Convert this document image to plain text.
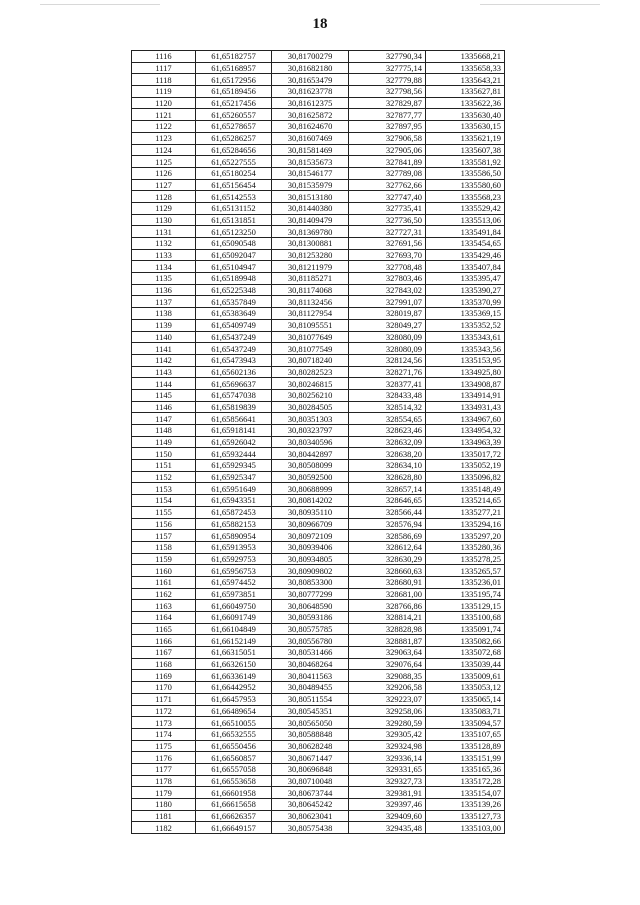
18
1116	61,65182757	30,81700279	327790,34	1335668,21
1117	61,65168957	30,81682180	327775,14	1335658,33
1118	61,65172956	30,81653479	327779,88	1335643,21
1119	61,65189456	30,81623778	327798,56	1335627,81
1120	61,65217456	30,81612375	327829,87	1335622,36
1121	61,65260557	30,81625872	327877,77	1335630,40
1122	61,65278657	30,81624670	327897,95	1335630,15
1123	61,65286257	30,81607469	327906,58	1335621,19
1124	61,65284656	30,81581469	327905,06	1335607,38
1125	61,65227555	30,81535673	327841,89	1335581,92
1126	61,65180254	30,81546177	327789,08	1335586,50
1127	61,65156454	30,81535979	327762,66	1335580,60
1128	61,65142553	30,81513180	327747,40	1335568,23
1129	61,65131152	30,81440380	327735,41	1335529,42
1130	61,65131851	30,81409479	327736,50	1335513,06
1131	61,65123250	30,81369780	327727,31	1335491,84
1132	61,65090548	30,81300881	327691,56	1335454,65
1133	61,65092047	30,81253280	327693,70	1335429,46
1134	61,65104947	30,81211979	327708,48	1335407,84
1135	61,65189948	30,81185271	327803,46	1335395,47
1136	61,65225348	30,81174068	327843,02	1335390,27
1137	61,65357849	30,81132456	327991,07	1335370,99
1138	61,65383649	30,81127954	328019,87	1335369,15
1139	61,65409749	30,81095551	328049,27	1335352,52
1140	61,65437249	30,81077649	328080,09	1335343,61
1141	61,65437249	30,81077549	328080,09	1335343,56
1142	61,65473943	30,80718240	328124,56	1335153,95
1143	61,65602136	30,80282523	328271,76	1334925,80
1144	61,65696637	30,80246815	328377,41	1334908,87
1145	61,65747038	30,80256210	328433,48	1334914,91
1146	61,65819839	30,80284505	328514,32	1334931,43
1147	61,65856641	30,80351303	328554,65	1334967,60
1148	61,65918141	30,80323797	328623,46	1334954,32
1149	61,65926042	30,80340596	328632,09	1334963,39
1150	61,65932444	30,80442897	328638,20	1335017,72
1151	61,65929345	30,80508099	328634,10	1335052,19
1152	61,65925347	30,80592500	328628,80	1335096,82
1153	61,65951649	30,80688999	328657,14	1335148,49
1154	61,65943351	30,80814202	328646,65	1335214,65
1155	61,65872453	30,80935110	328566,44	1335277,21
1156	61,65882153	30,80966709	328576,94	1335294,16
1157	61,65890954	30,80972109	328586,69	1335297,20
1158	61,65913953	30,80939406	328612,64	1335280,36
1159	61,65929753	30,80934805	328630,29	1335278,25
1160	61,65956753	30,80909802	328660,63	1335265,57
1161	61,65974452	30,80853300	328680,91	1335236,01
1162	61,65973851	30,80777299	328681,00	1335195,74
1163	61,66049750	30,80648590	328766,86	1335129,15
1164	61,66091749	30,80593186	328814,21	1335100,68
1165	61,66104849	30,80575785	328828,98	1335091,74
1166	61,66152149	30,80556780	328881,87	1335082,66
1167	61,66315051	30,80531466	329063,64	1335072,68
1168	61,66326150	30,80468264	329076,64	1335039,44
1169	61,66336149	30,80411563	329088,35	1335009,61
1170	61,66442952	30,80489455	329206,58	1335053,12
1171	61,66457953	30,80511554	329223,07	1335065,14
1172	61,66489654	30,80545351	329258,06	1335083,71
1173	61,66510055	30,80565050	329280,59	1335094,57
1174	61,66532555	30,80588848	329305,42	1335107,65
1175	61,66550456	30,80628248	329324,98	1335128,89
1176	61,66560857	30,80671447	329336,14	1335151,99
1177	61,66557058	30,80696848	329331,65	1335165,36
1178	61,66553658	30,80710048	329327,73	1335172,28
1179	61,66601958	30,80673744	329381,91	1335154,07
1180	61,66615658	30,80645242	329397,46	1335139,26
1181	61,66626357	30,80623041	329409,60	1335127,73
1182	61,66649157	30,80575438	329435,48	1335103,00
